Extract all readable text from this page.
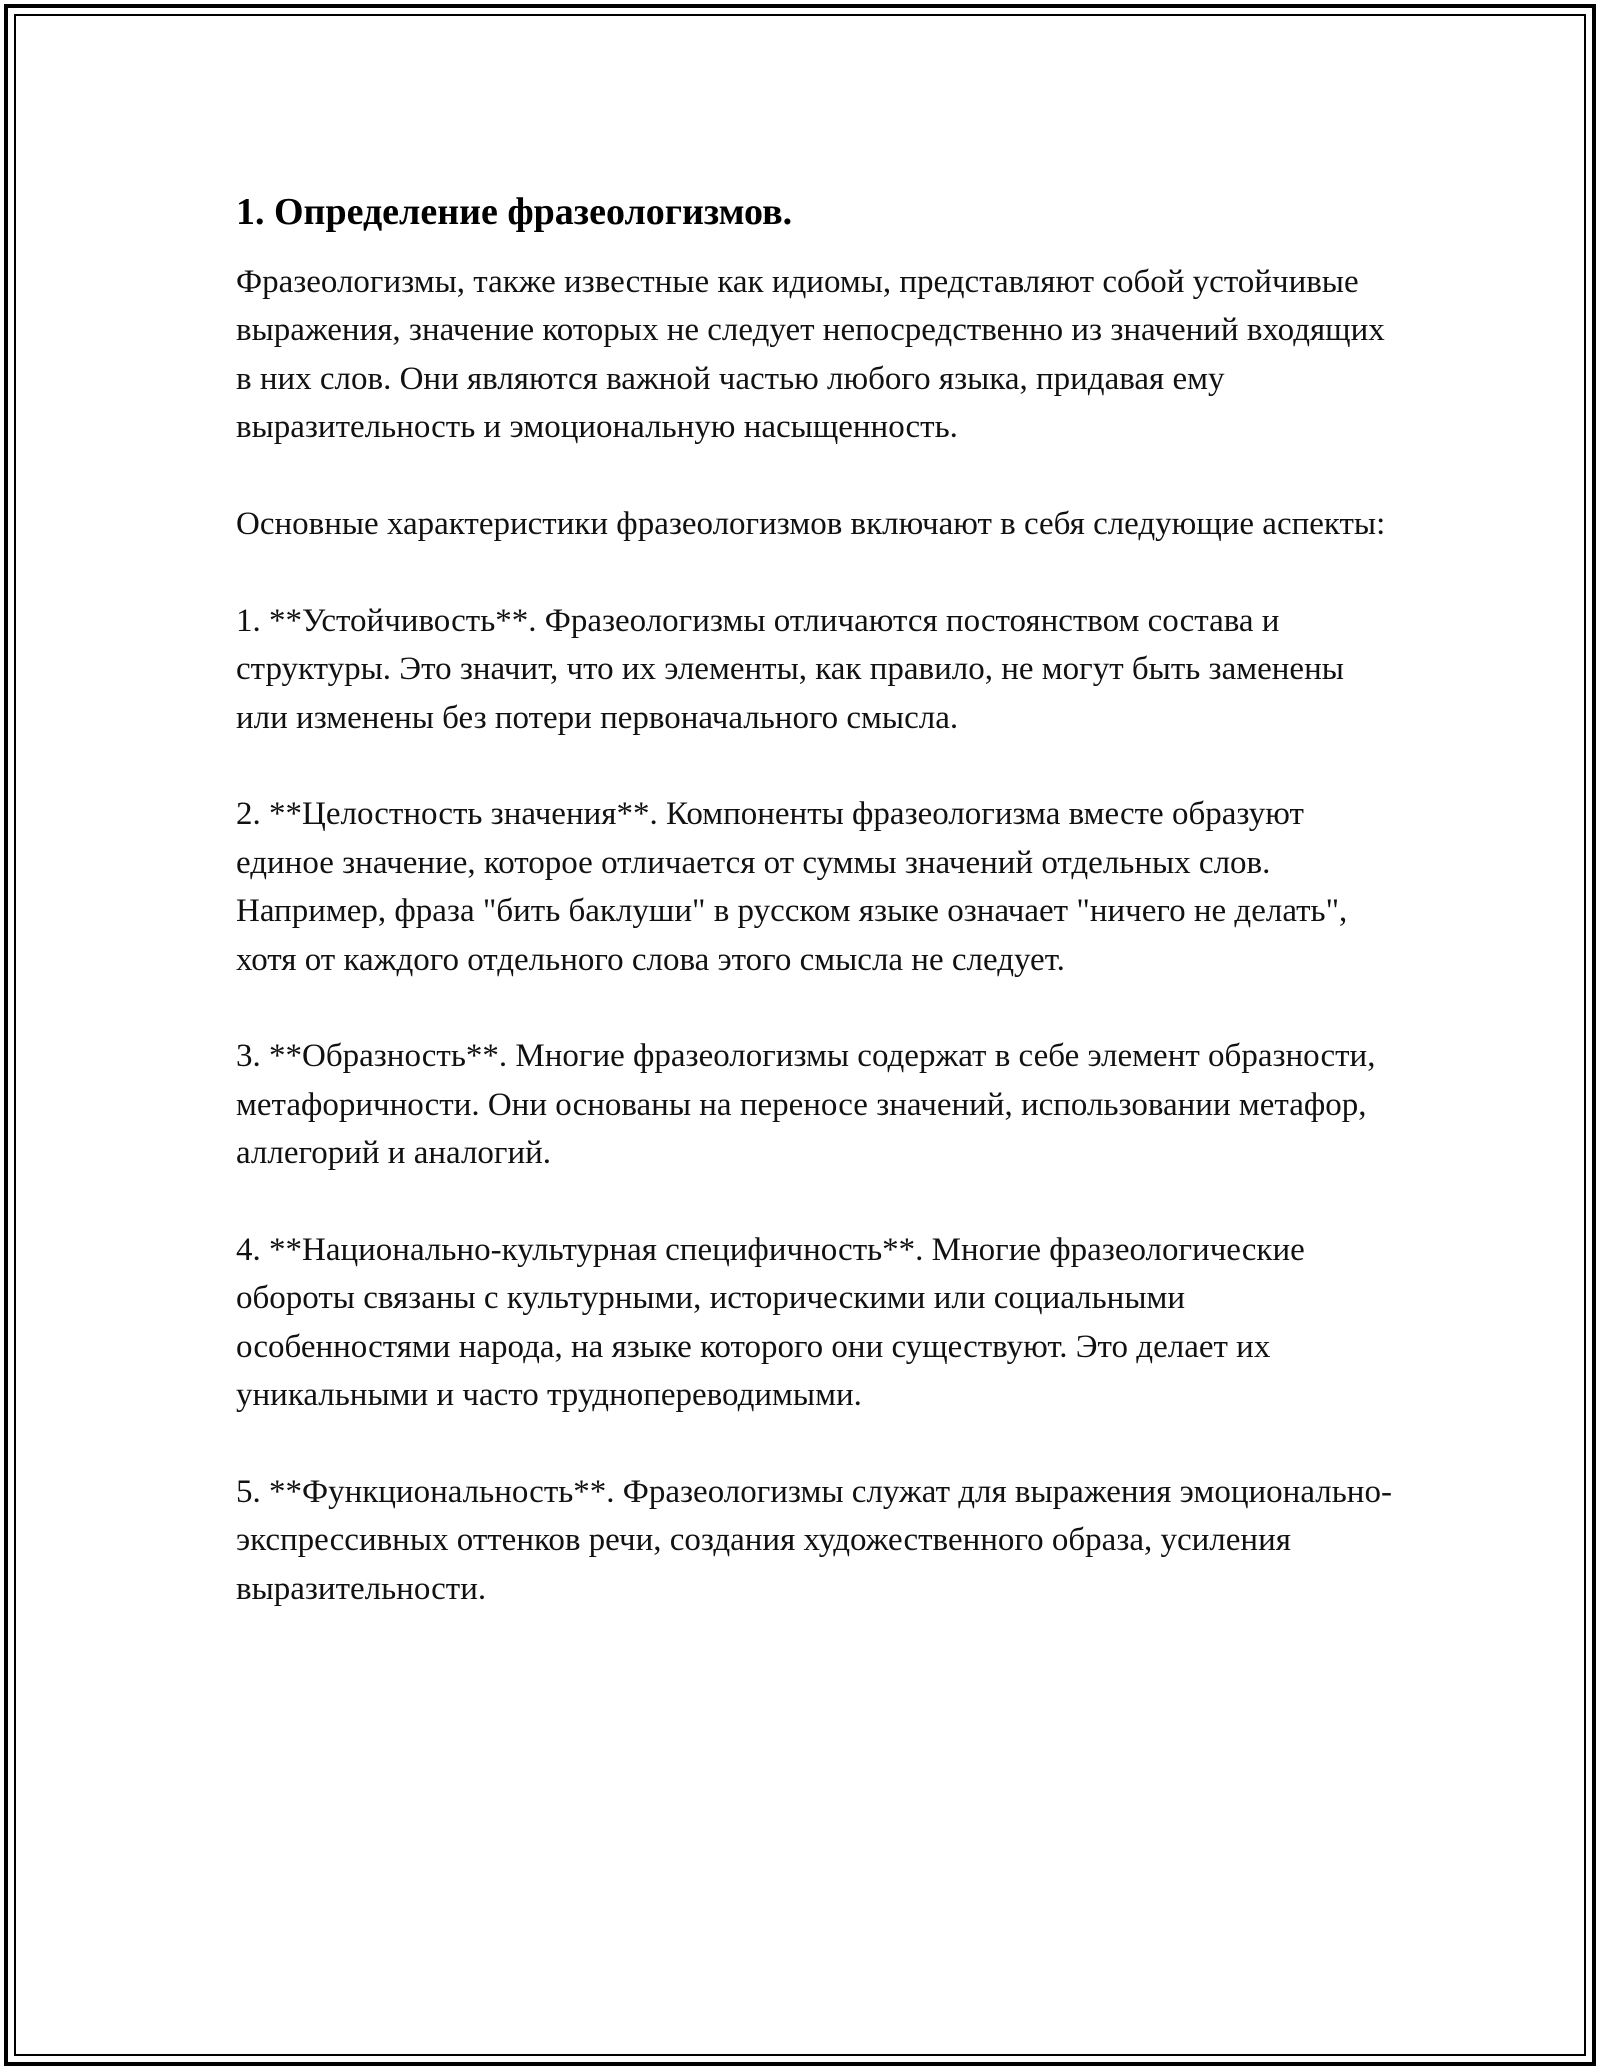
1. Определение фразеологизмов.

Фразеологизмы, также известные как идиомы, представляют собой устойчивые выражения, значение которых не следует непосредственно из значений входящих в них слов. Они являются важной частью любого языка, придавая ему выразительность и эмоциональную насыщенность.

Основные характеристики фразеологизмов включают в себя следующие аспекты:

1. **Устойчивость**. Фразеологизмы отличаются постоянством состава и структуры. Это значит, что их элементы, как правило, не могут быть заменены или изменены без потери первоначального смысла.

2. **Целостность значения**. Компоненты фразеологизма вместе образуют единое значение, которое отличается от суммы значений отдельных слов. Например, фраза "бить баклуши" в русском языке означает "ничего не делать", хотя от каждого отдельного слова этого смысла не следует.

3. **Образность**. Многие фразеологизмы содержат в себе элемент образности, метафоричности. Они основаны на переносе значений, использовании метафор, аллегорий и аналогий.

4. **Национально-культурная специфичность**. Многие фразеологические обороты связаны с культурными, историческими или социальными особенностями народа, на языке которого они существуют. Это делает их уникальными и часто труднопереводимыми.

5. **Функциональность**. Фразеологизмы служат для выражения эмоционально-экспрессивных оттенков речи, создания художественного образа, усиления выразительности.
